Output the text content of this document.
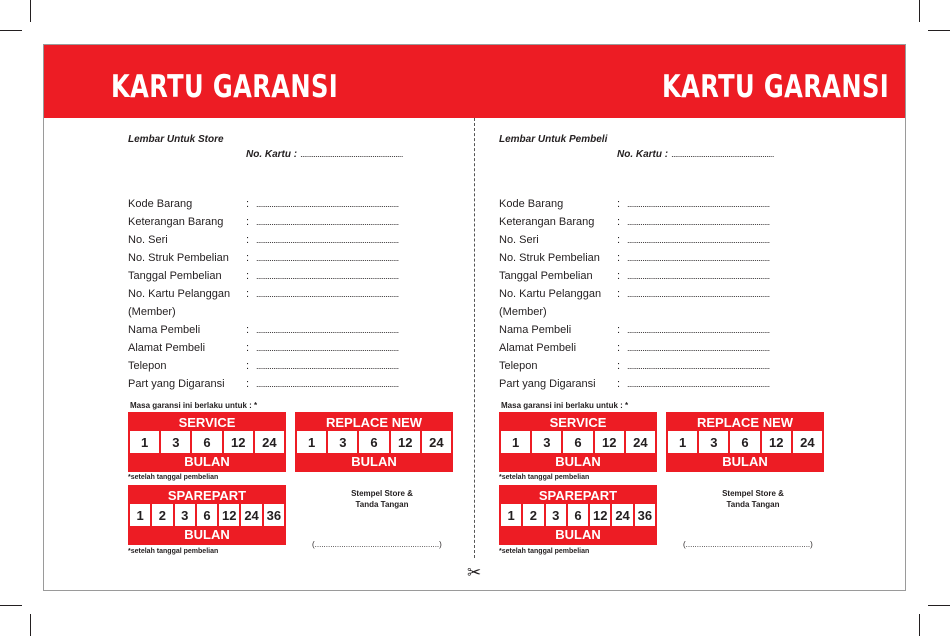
KARTU GARANSI	KARTU GARANSI
✂
Lembar Untuk Store
No. Kartu : ......................................................
Kode Barang	: ...........................................................................
Keterangan Barang : ...........................................................................
No. Seri	: ...........................................................................
No. Struk Pembelian : ...........................................................................
Tanggal Pembelian : ...........................................................................
No. Kartu Pelanggan : ...........................................................................
(Member)
Nama Pembeli	: ...........................................................................
Alamat Pembeli	: ...........................................................................
Telepon	: ...........................................................................
Part yang Digaransi : ...........................................................................
Masa garansi ini berlaku untuk : *
SERVICE
1	3	6	12	24
BULAN
REPLACE NEW
1	3	6	12	24
BULAN
*setelah tanggal pembelian
SPAREPART
1	2	3	6 12 24 36
BULAN
*setelah tanggal pembelian
Stempel Store &
Tanda Tangan
(........................................................)
Lembar Untuk Pembeli
No. Kartu : ......................................................
Kode Barang	: ...........................................................................
Keterangan Barang : ...........................................................................
No. Seri	: ...........................................................................
No. Struk Pembelian : ...........................................................................
Tanggal Pembelian : ...........................................................................
No. Kartu Pelanggan : ...........................................................................
(Member)
Nama Pembeli	: ...........................................................................
Alamat Pembeli	: ...........................................................................
Telepon	: ...........................................................................
Part yang Digaransi : ...........................................................................
Masa garansi ini berlaku untuk : *
SERVICE
1	3	6	12	24
BULAN
REPLACE NEW
1	3	6	12	24
BULAN
*setelah tanggal pembelian
SPAREPART
1	2	3	6 12 24 36
BULAN
*setelah tanggal pembelian
Stempel Store &
Tanda Tangan
(........................................................)
